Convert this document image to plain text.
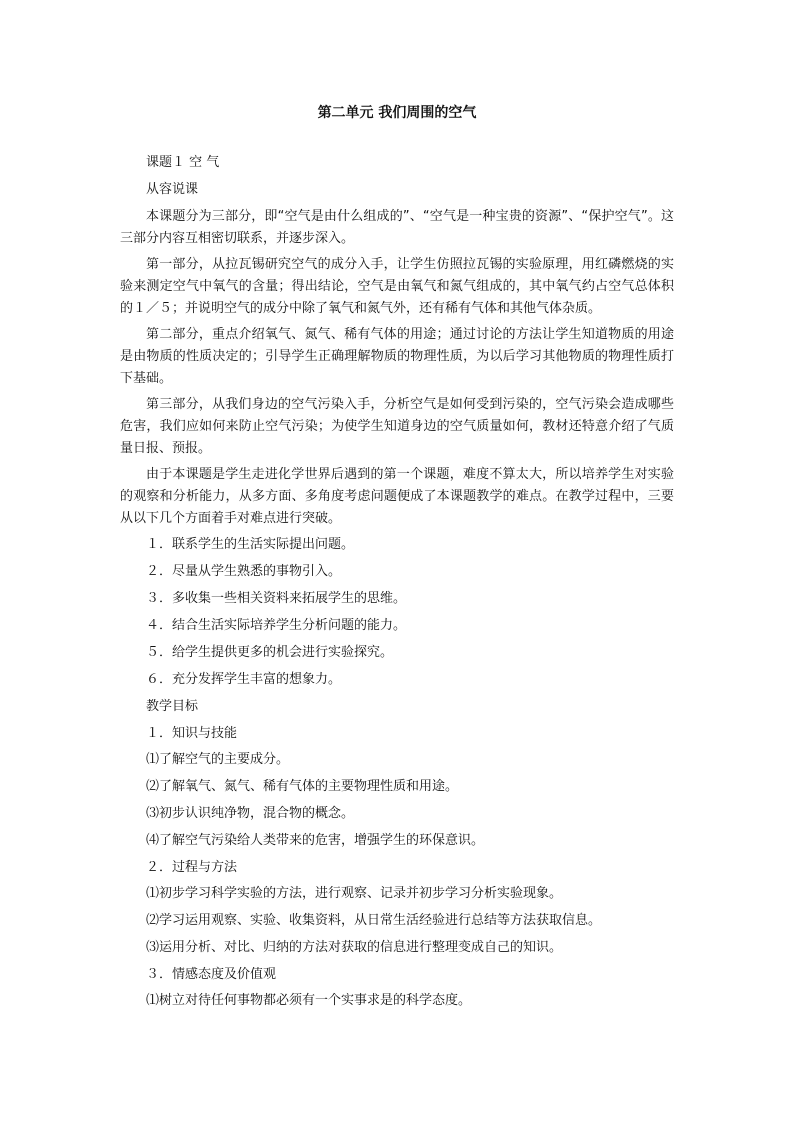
第二单元 我们周围的空气
课题１ 空 气
从容说课

本课题分为三部分，即“空气是由什么组成的”、“空气是一种宝贵的资源”、“保护空气”。这三部分内容互相密切联系，并逐步深入。

第一部分，从拉瓦锡研究空气的成分入手，让学生仿照拉瓦锡的实验原理，用红磷燃烧的实验来测定空气中氧气的含量；得出结论，空气是由氧气和氮气组成的，其中氧气约占空气总体积的１／５；并说明空气的成分中除了氧气和氮气外，还有稀有气体和其他气体杂质。

第二部分，重点介绍氧气、氮气、稀有气体的用途；通过讨论的方法让学生知道物质的用途是由物质的性质决定的；引导学生正确理解物质的物理性质，为以后学习其他物质的物理性质打下基础。

第三部分，从我们身边的空气污染入手，分析空气是如何受到污染的，空气污染会造成哪些危害，我们应如何来防止空气污染；为使学生知道身边的空气质量如何，教材还特意介绍了气质量日报、预报。

由于本课题是学生走进化学世界后遇到的第一个课题，难度不算太大，所以培养学生对实验的观察和分析能力，从多方面、多角度考虑问题便成了本课题教学的难点。在教学过程中，三要从以下几个方面着手对难点进行突破。

１．联系学生的生活实际提出问题。
２．尽量从学生熟悉的事物引入。
３．多收集一些相关资料来拓展学生的思维。
４．结合生活实际培养学生分析问题的能力。
５．给学生提供更多的机会进行实验探究。
６．充分发挥学生丰富的想象力。
教学目标
１．知识与技能
⑴了解空气的主要成分。
⑵了解氧气、氮气、稀有气体的主要物理性质和用途。
⑶初步认识纯净物，混合物的概念。
⑷了解空气污染给人类带来的危害，增强学生的环保意识。
２．过程与方法
⑴初步学习科学实验的方法，进行观察、记录并初步学习分析实验现象。
⑵学习运用观察、实验、收集资料，从日常生活经验进行总结等方法获取信息。
⑶运用分析、对比、归纳的方法对获取的信息进行整理变成自己的知识。
３．情感态度及价值观
⑴树立对待任何事物都必须有一个实事求是的科学态度。
